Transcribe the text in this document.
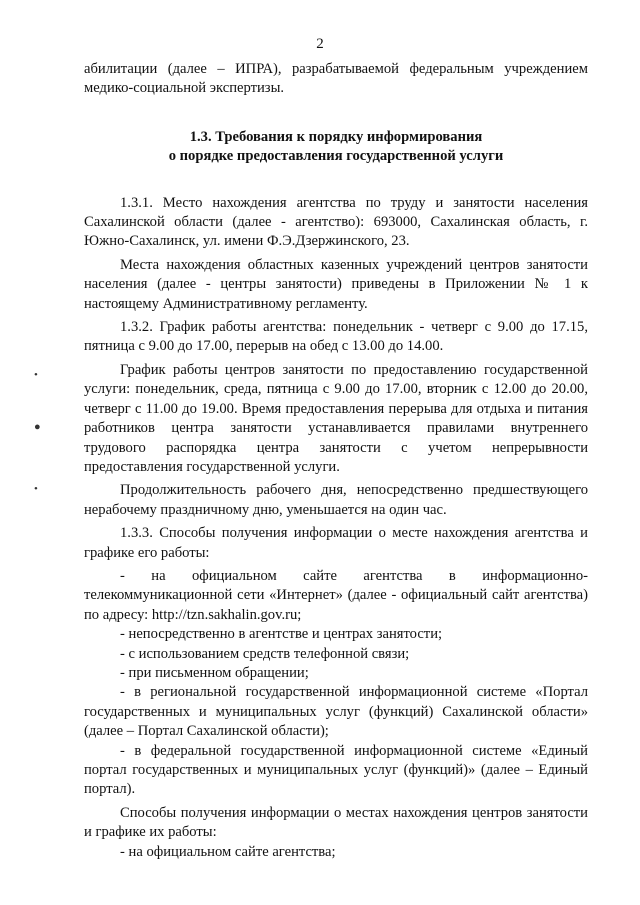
2
•
●
•

абилитации (далее – ИПРА), разрабатываемой федеральным учреждением медико-социальной экспертизы.

1.3. Требования к порядку информирования
о порядке предоставления государственной услуги

1.3.1. Место нахождения агентства по труду и занятости населения Сахалинской области (далее - агентство): 693000, Сахалинская область, г. Южно-Сахалинск, ул. имени Ф.Э.Дзержинского, 23.

Места нахождения областных казенных учреждений центров занятости населения (далее - центры занятости) приведены в Приложении № 1 к настоящему Административному регламенту.

1.3.2. График работы агентства: понедельник - четверг с 9.00 до 17.15, пятница с 9.00 до 17.00, перерыв на обед с 13.00 до 14.00.

График работы центров занятости по предоставлению государственной услуги: понедельник, среда, пятница с 9.00 до 17.00, вторник с 12.00 до 20.00, четверг с 11.00 до 19.00. Время предоставления перерыва для отдыха и питания работников центра занятости устанавливается правилами внутреннего трудового распорядка центра занятости с учетом непрерывности предоставления государственной услуги.

Продолжительность рабочего дня, непосредственно предшествующего нерабочему праздничному дню, уменьшается на один час.

1.3.3. Способы получения информации о месте нахождения агентства и графике его работы:

- на официальном сайте агентства в информационно-телекоммуникационной сети «Интернет» (далее - официальный сайт агентства) по адресу: http://tzn.sakhalin.gov.ru;

- непосредственно в агентстве и центрах занятости;

- с использованием средств телефонной связи;

- при письменном обращении;

- в региональной государственной информационной системе «Портал государственных и муниципальных услуг (функций) Сахалинской области» (далее – Портал Сахалинской области);

- в федеральной государственной информационной системе «Единый портал государственных и муниципальных услуг (функций)» (далее – Единый портал).

Способы получения информации о местах нахождения центров занятости и графике их работы:

- на официальном сайте агентства;
